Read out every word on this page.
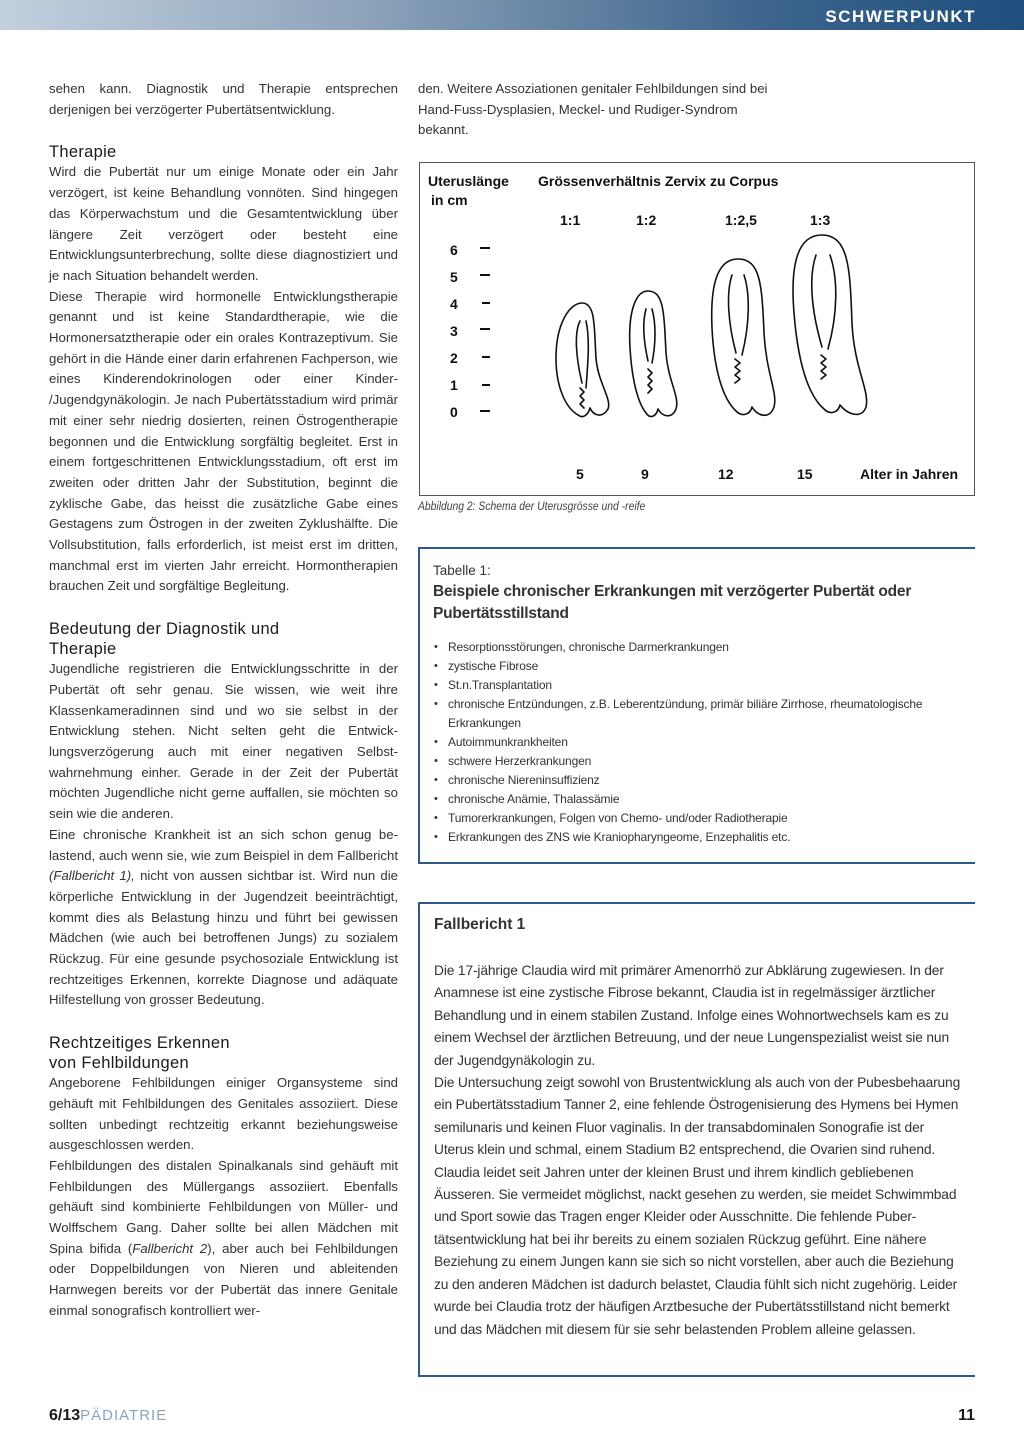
SCHWERPUNKT

sehen kann. Diagnostik und Therapie entsprechen derjenigen bei verzögerter Pubertätsentwicklung.

Therapie

Wird die Pubertät nur um einige Monate oder ein Jahr verzögert, ist keine Behandlung vonnöten. Sind hingegen das Körperwachstum und die Gesamtentwicklung über längere Zeit verzögert oder besteht eine Entwicklungsunterbrechung, sollte diese diagnostiziert und je nach Situation behandelt werden.

Diese Therapie wird hormonelle Entwicklungstherapie genannt und ist keine Standardtherapie, wie die Hormonersatztherapie oder ein orales Kontrazeptivum. Sie gehört in die Hände einer darin erfahrenen Fachperson, wie eines Kinderendokrinologen oder einer Kinder- /Jugendgynäkologin. Je nach Pubertätsstadium wird primär mit einer sehr niedrig dosierten, reinen Östrogentherapie begonnen und die Entwicklung sorgfältig begleitet. Erst in einem fortgeschrittenen Entwicklungsstadium, oft erst im zweiten oder dritten Jahr der Substitution, beginnt die zyklische Gabe, das heisst die zusätzliche Gabe eines Gestagens zum Östrogen in der zweiten Zyklushälfte. Die Vollsubstitution, falls erforderlich, ist meist erst im dritten, manchmal erst im vierten Jahr erreicht. Hormontherapien brauchen Zeit und sorgfältige Begleitung.

Bedeutung der Diagnostik und
Therapie

Jugendliche registrieren die Entwicklungsschritte in der Pubertät oft sehr genau. Sie wissen, wie weit ihre Klassenkameradinnen sind und wo sie selbst in der Entwicklung stehen. Nicht selten geht die Entwicklungsverzögerung auch mit einer negativen Selbstwahrnehmung einher. Gerade in der Zeit der Pubertät möchten Jugendliche nicht gerne auffallen, sie möchten so sein wie die anderen.

Eine chronische Krankheit ist an sich schon genug belastend, auch wenn sie, wie zum Beispiel in dem Fallbericht (Fallbericht 1), nicht von aussen sichtbar ist. Wird nun die körperliche Entwicklung in der Jugendzeit beeinträchtigt, kommt dies als Belastung hinzu und führt bei gewissen Mädchen (wie auch bei betroffenen Jungs) zu sozialem Rückzug. Für eine gesunde psychosoziale Entwicklung ist rechtzeitiges Erkennen, korrekte Diagnose und adäquate Hilfestellung von grosser Bedeutung.

Rechtzeitiges Erkennen
von Fehlbildungen

Angeborene Fehlbildungen einiger Organsysteme sind gehäuft mit Fehlbildungen des Genitales assoziiert. Diese sollten unbedingt rechtzeitig erkannt beziehungsweise ausgeschlossen werden.

Fehlbildungen des distalen Spinalkanals sind gehäuft mit Fehlbildungen des Müllergangs assoziiert. Ebenfalls gehäuft sind kombinierte Fehlbildungen von Müller- und Wolffschem Gang. Daher sollte bei allen Mädchen mit Spina bifida (Fallbericht 2), aber auch bei Fehlbildungen oder Doppelbildungen von Nieren und ableitenden Harnwegen bereits vor der Pubertät das innere Genitale einmal sonografisch kontrolliert wer-

den. Weitere Assoziationen genitaler Fehlbildungen sind bei Hand-Fuss-Dysplasien, Meckel- und Rudiger-Syndrom bekannt.

Uteruslänge
in cm
Grössenverhältnis Zervix zu Corpus
1:1	1:2	1:2,5	1:3
6
5
4
3
2
1
0
5	9	12	15	Alter in Jahren
Abbildung 2: Schema der Uterusgrösse und -reife
Tabelle 1:
Beispiele chronischer Erkrankungen mit verzögerter Pubertät oder Pubertätsstillstand
• Resorptionsstörungen, chronische Darmerkrankungen
• zystische Fibrose
• St.n.Transplantation
• chronische Entzündungen, z.B. Leberentzündung, primär biliäre Zirrhose, rheumatologische Erkrankungen
• Autoimmunkrankheiten
• schwere Herzerkrankungen
• chronische Niereninsuffizienz
• chronische Anämie, Thalassämie
• Tumorerkrankungen, Folgen von Chemo- und/oder Radiotherapie
• Erkrankungen des ZNS wie Kraniopharyngeome, Enzephalitis etc.
Fallbericht 1

Die 17-jährige Claudia wird mit primärer Amenorrhö zur Abklärung zugewiesen. In der Anamnese ist eine zystische Fibrose bekannt, Claudia ist in regelmässiger ärztlicher Behandlung und in einem stabilen Zustand. Infolge eines Wohnortwechsels kam es zu einem Wechsel der ärztlichen Betreuung, und der neue Lungenspezialist weist sie nun der Jugendgynäkologin zu.

Die Untersuchung zeigt sowohl von Brustentwicklung als auch von der Pubesbehaarung ein Pubertätsstadium Tanner 2, eine fehlende Östrogenisierung des Hymens bei Hymen semilunaris und keinen Fluor vaginalis. In der transabdominalen Sonografie ist der Uterus klein und schmal, einem Stadium B2 entsprechend, die Ovarien sind ruhend. Claudia leidet seit Jahren unter der kleinen Brust und ihrem kindlich gebliebenen Äusseren. Sie vermeidet möglichst, nackt gesehen zu werden, sie meidet Schwimmbad und Sport sowie das Tragen enger Kleider oder Ausschnitte. Die fehlende Pubertätsentwicklung hat bei ihr bereits zu einem sozialen Rückzug geführt. Eine nähere Beziehung zu einem Jungen kann sie sich so nicht vorstellen, aber auch die Beziehung zu den anderen Mädchen ist dadurch belastet, Claudia fühlt sich nicht zugehörig. Leider wurde bei Claudia trotz der häufigen Arztbesuche der Pubertätsstillstand nicht bemerkt und das Mädchen mit diesem für sie sehr belastenden Problem alleine gelassen.

6/13PÄDIATRIE	11
